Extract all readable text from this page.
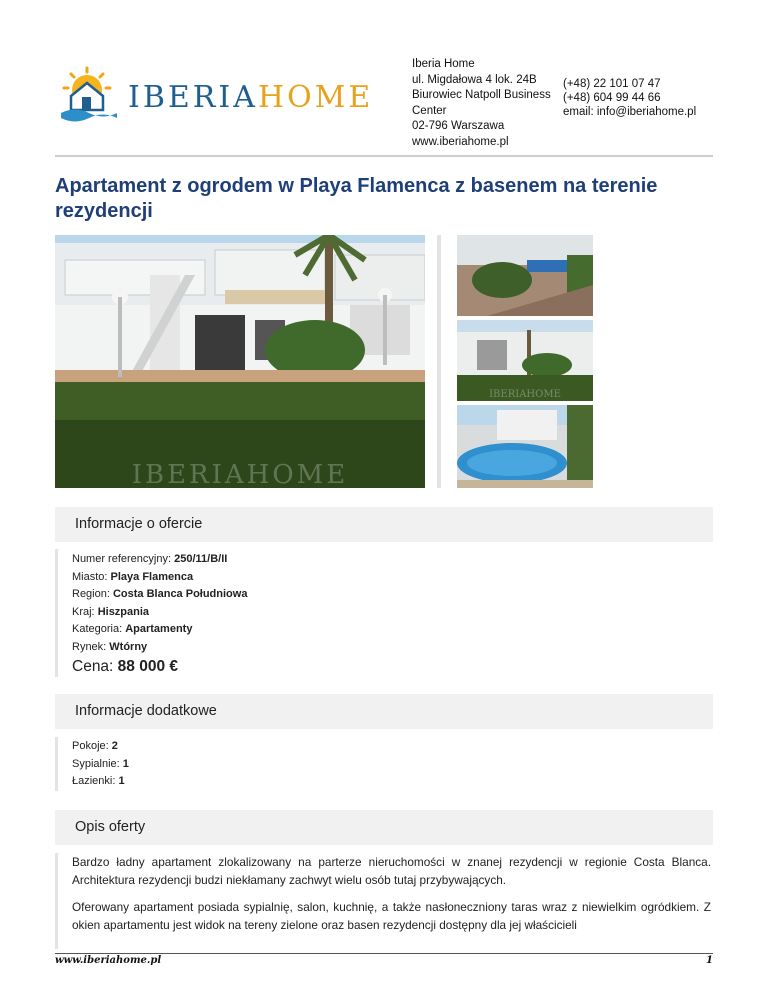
IBERIAHOME
Iberia Home
ul. Migdałowa 4 lok. 24B
Biurowiec Natpoll Business
Center
02-796 Warszawa
www.iberiahome.pl
(+48) 22 101 07 47
(+48) 604 99 44 66
email: info@iberiahome.pl
Apartament z ogrodem w Playa Flamenca z basenem na terenie rezydencji
IBERIAHOME
IBERIAHOME
Informacje o ofercie
Numer referencyjny: 250/11/B/II
Miasto: Playa Flamenca
Region: Costa Blanca Południowa
Kraj: Hiszpania
Kategoria: Apartamenty
Rynek: Wtórny
Cena: 88 000 €
Informacje dodatkowe
Pokoje: 2
Sypialnie: 1
Łazienki: 1
Opis oferty

Bardzo ładny apartament zlokalizowany na parterze nieruchomości w znanej rezydencji w regionie Costa Blanca. Architektura rezydencji budzi niekłamany zachwyt wielu osób tutaj przybywających.

Oferowany apartament posiada sypialnię, salon, kuchnię, a także nasłoneczniony taras wraz z niewielkim ogródkiem. Z okien apartamentu jest widok na tereny zielone oraz basen rezydencji dostępny dla jej właścicieli

www.iberiahome.pl	1
